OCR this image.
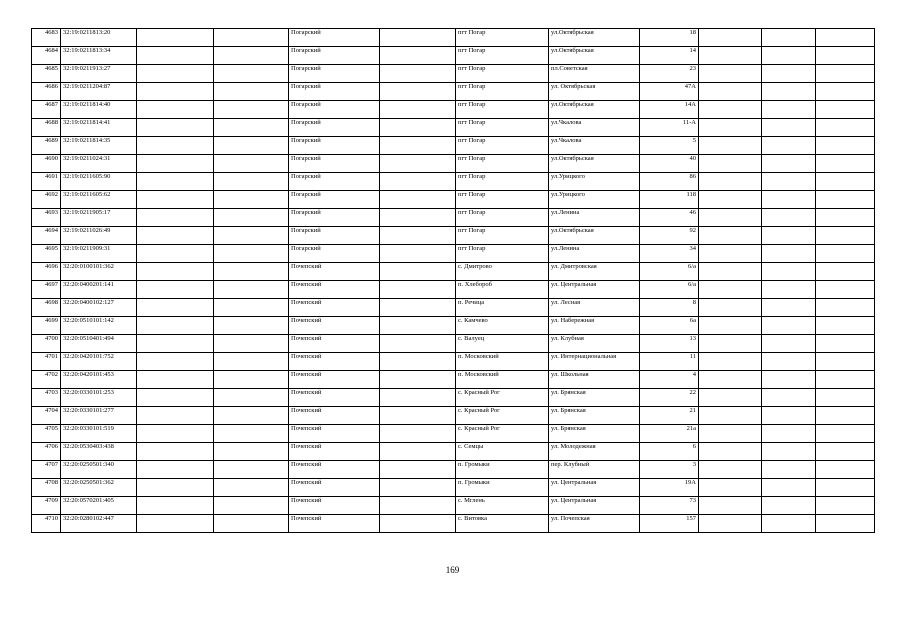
4683	32:19:0211813:20			Погарский		пгт Погар	ул.Октябрьская	18			
4684	32:19:0211813:34			Погарский		пгт Погар	ул.Октябрьская	14			
4685	32:19:0211913:27			Погарский		пгт Погар	пл.Советская	23			
4686	32:19:0211204:87			Погарский		пгт Погар	ул. Октябрьская	47А			
4687	32:19:0211814:40			Погарский		пгт Погар	ул.Октябрьская	14А			
4688	32:19:0211814:41			Погарский		пгт Погар	ул.Чкалова	11-А			
4689	32:19:0211814:35			Погарский		пгт Погар	ул.Чкалова	5			
4690	32:19:0211024:31			Погарский		пгт Погар	ул.Октябрьская	40			
4691	32:19:0211605:90			Погарский		пгт Погар	ул.Урицкого	86			
4692	32:19:0211605:62			Погарский		пгт Погар	ул.Урицкого	118			
4693	32:19:0211905:17			Погарский		пгт Погар	ул.Ленина	46			
4694	32:19:0211026:49			Погарский		пгт Погар	ул.Октябрьская	92			
4695	32:19:0211909:31			Погарский		пгт Погар	ул.Ленина	34			
4696	32:20:0100101:362			Почепский		с. Дмитрово	ул. Дмитровская	6/а			
4697	32:20:0400201:141			Почепский		п. Хлебороб	ул. Центральная	6/а			
4698	32:20:0400102:127			Почепский		п. Речица	ул. Лесная	8			
4699	32:20:0510101:142			Почепский		с. Камчево	ул. Набережная	6а			
4700	32:20:0510401:494			Почепский		с. Валуец	ул. Клубная	13			
4701	32:20:0420101:752			Почепский		п. Московский	ул. Интернациональная	11			
4702	32:20:0420101:453			Почепский		п. Московский	ул. Школьная	4			
4703	32:20:0330101:253			Почепский		с. Красный Рог	ул. Брянская	22			
4704	32:20:0330101:277			Почепский		с. Красный Рог	ул. Брянская	21			
4705	32:20:0330101:519			Почепский		с. Красный Рог	ул. Брянская	21а			
4706	32:20:0530403:438			Почепский		с. Семцы	ул. Молодежная	6			
4707	32:20:0250501:340			Почепский		п. Громыки	пер. Клубный	3			
4708	32:20:0250501:362			Почепский		п. Громыки	ул. Центральная	19А			
4709	32:20:0570201:405			Почепский		с. Мглень	ул. Центральная	73			
4710	32:20:0280102:447			Почепский		с. Витовка	ул. Почепская	157			
169
